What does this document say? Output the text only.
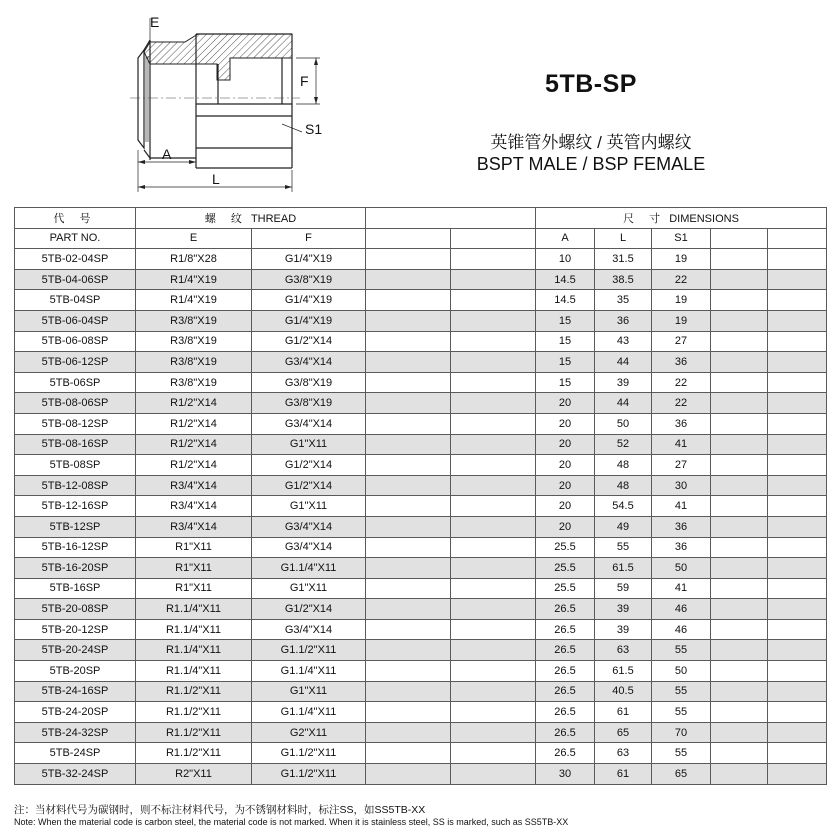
E
F
S1
A
L
5TB-SP
英锥管外螺纹 / 英管内螺纹
BSPT MALE / BSP FEMALE
代 号	螺 纹 THREAD				尺 寸 DIMENSIONS				
PART NO.	E	F			A	L	S1		
5TB-02-04SP	R1/8"X28	G1/4"X19			10	31.5	19		
5TB-04-06SP	R1/4"X19	G3/8"X19			14.5	38.5	22		
5TB-04SP	R1/4"X19	G1/4"X19			14.5	35	19		
5TB-06-04SP	R3/8"X19	G1/4"X19			15	36	19		
5TB-06-08SP	R3/8"X19	G1/2"X14			15	43	27		
5TB-06-12SP	R3/8"X19	G3/4"X14			15	44	36		
5TB-06SP	R3/8"X19	G3/8"X19			15	39	22		
5TB-08-06SP	R1/2"X14	G3/8"X19			20	44	22		
5TB-08-12SP	R1/2"X14	G3/4"X14			20	50	36		
5TB-08-16SP	R1/2"X14	G1"X11			20	52	41		
5TB-08SP	R1/2"X14	G1/2"X14			20	48	27		
5TB-12-08SP	R3/4"X14	G1/2"X14			20	48	30		
5TB-12-16SP	R3/4"X14	G1"X11			20	54.5	41		
5TB-12SP	R3/4"X14	G3/4"X14			20	49	36		
5TB-16-12SP	R1"X11	G3/4"X14			25.5	55	36		
5TB-16-20SP	R1"X11	G1.1/4"X11			25.5	61.5	50		
5TB-16SP	R1"X11	G1"X11			25.5	59	41		
5TB-20-08SP	R1.1/4"X11	G1/2"X14			26.5	39	46		
5TB-20-12SP	R1.1/4"X11	G3/4"X14			26.5	39	46		
5TB-20-24SP	R1.1/4"X11	G1.1/2"X11			26.5	63	55		
5TB-20SP	R1.1/4"X11	G1.1/4"X11			26.5	61.5	50		
5TB-24-16SP	R1.1/2"X11	G1"X11			26.5	40.5	55		
5TB-24-20SP	R1.1/2"X11	G1.1/4"X11			26.5	61	55		
5TB-24-32SP	R1.1/2"X11	G2"X11			26.5	65	70		
5TB-24SP	R1.1/2"X11	G1.1/2"X11			26.5	63	55		
5TB-32-24SP	R2"X11	G1.1/2"X11			30	61	65		
注：当材料代号为碳钢时，则不标注材料代号，为不锈钢材料时，标注SS，如SS5TB-XX
Note: When the material code is carbon steel, the material code is not marked. When it is stainless steel, SS is marked, such as SS5TB-XX
